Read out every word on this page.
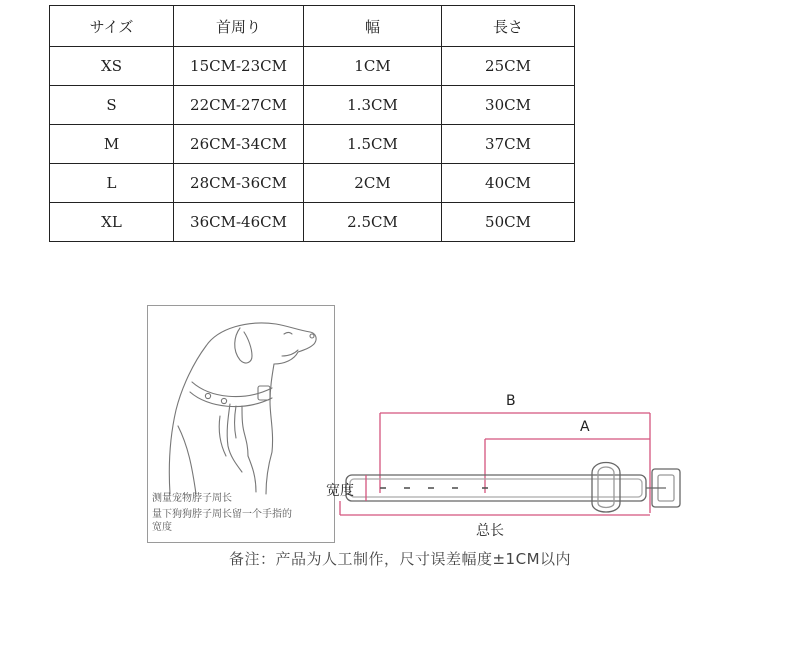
サイズ	首周り	幅	長さ
XS	15CM-23CM	1CM	25CM
S	22CM-27CM	1.3CM	30CM
M	26CM-34CM	1.5CM	37CM
L	28CM-36CM	2CM	40CM
XL	36CM-46CM	2.5CM	50CM
测量宠物脖子周长
量下狗狗脖子周长留一个手指的
宽度
B
A
宽度
总长
备注：产品为人工制作，尺寸误差幅度±1CM以内
